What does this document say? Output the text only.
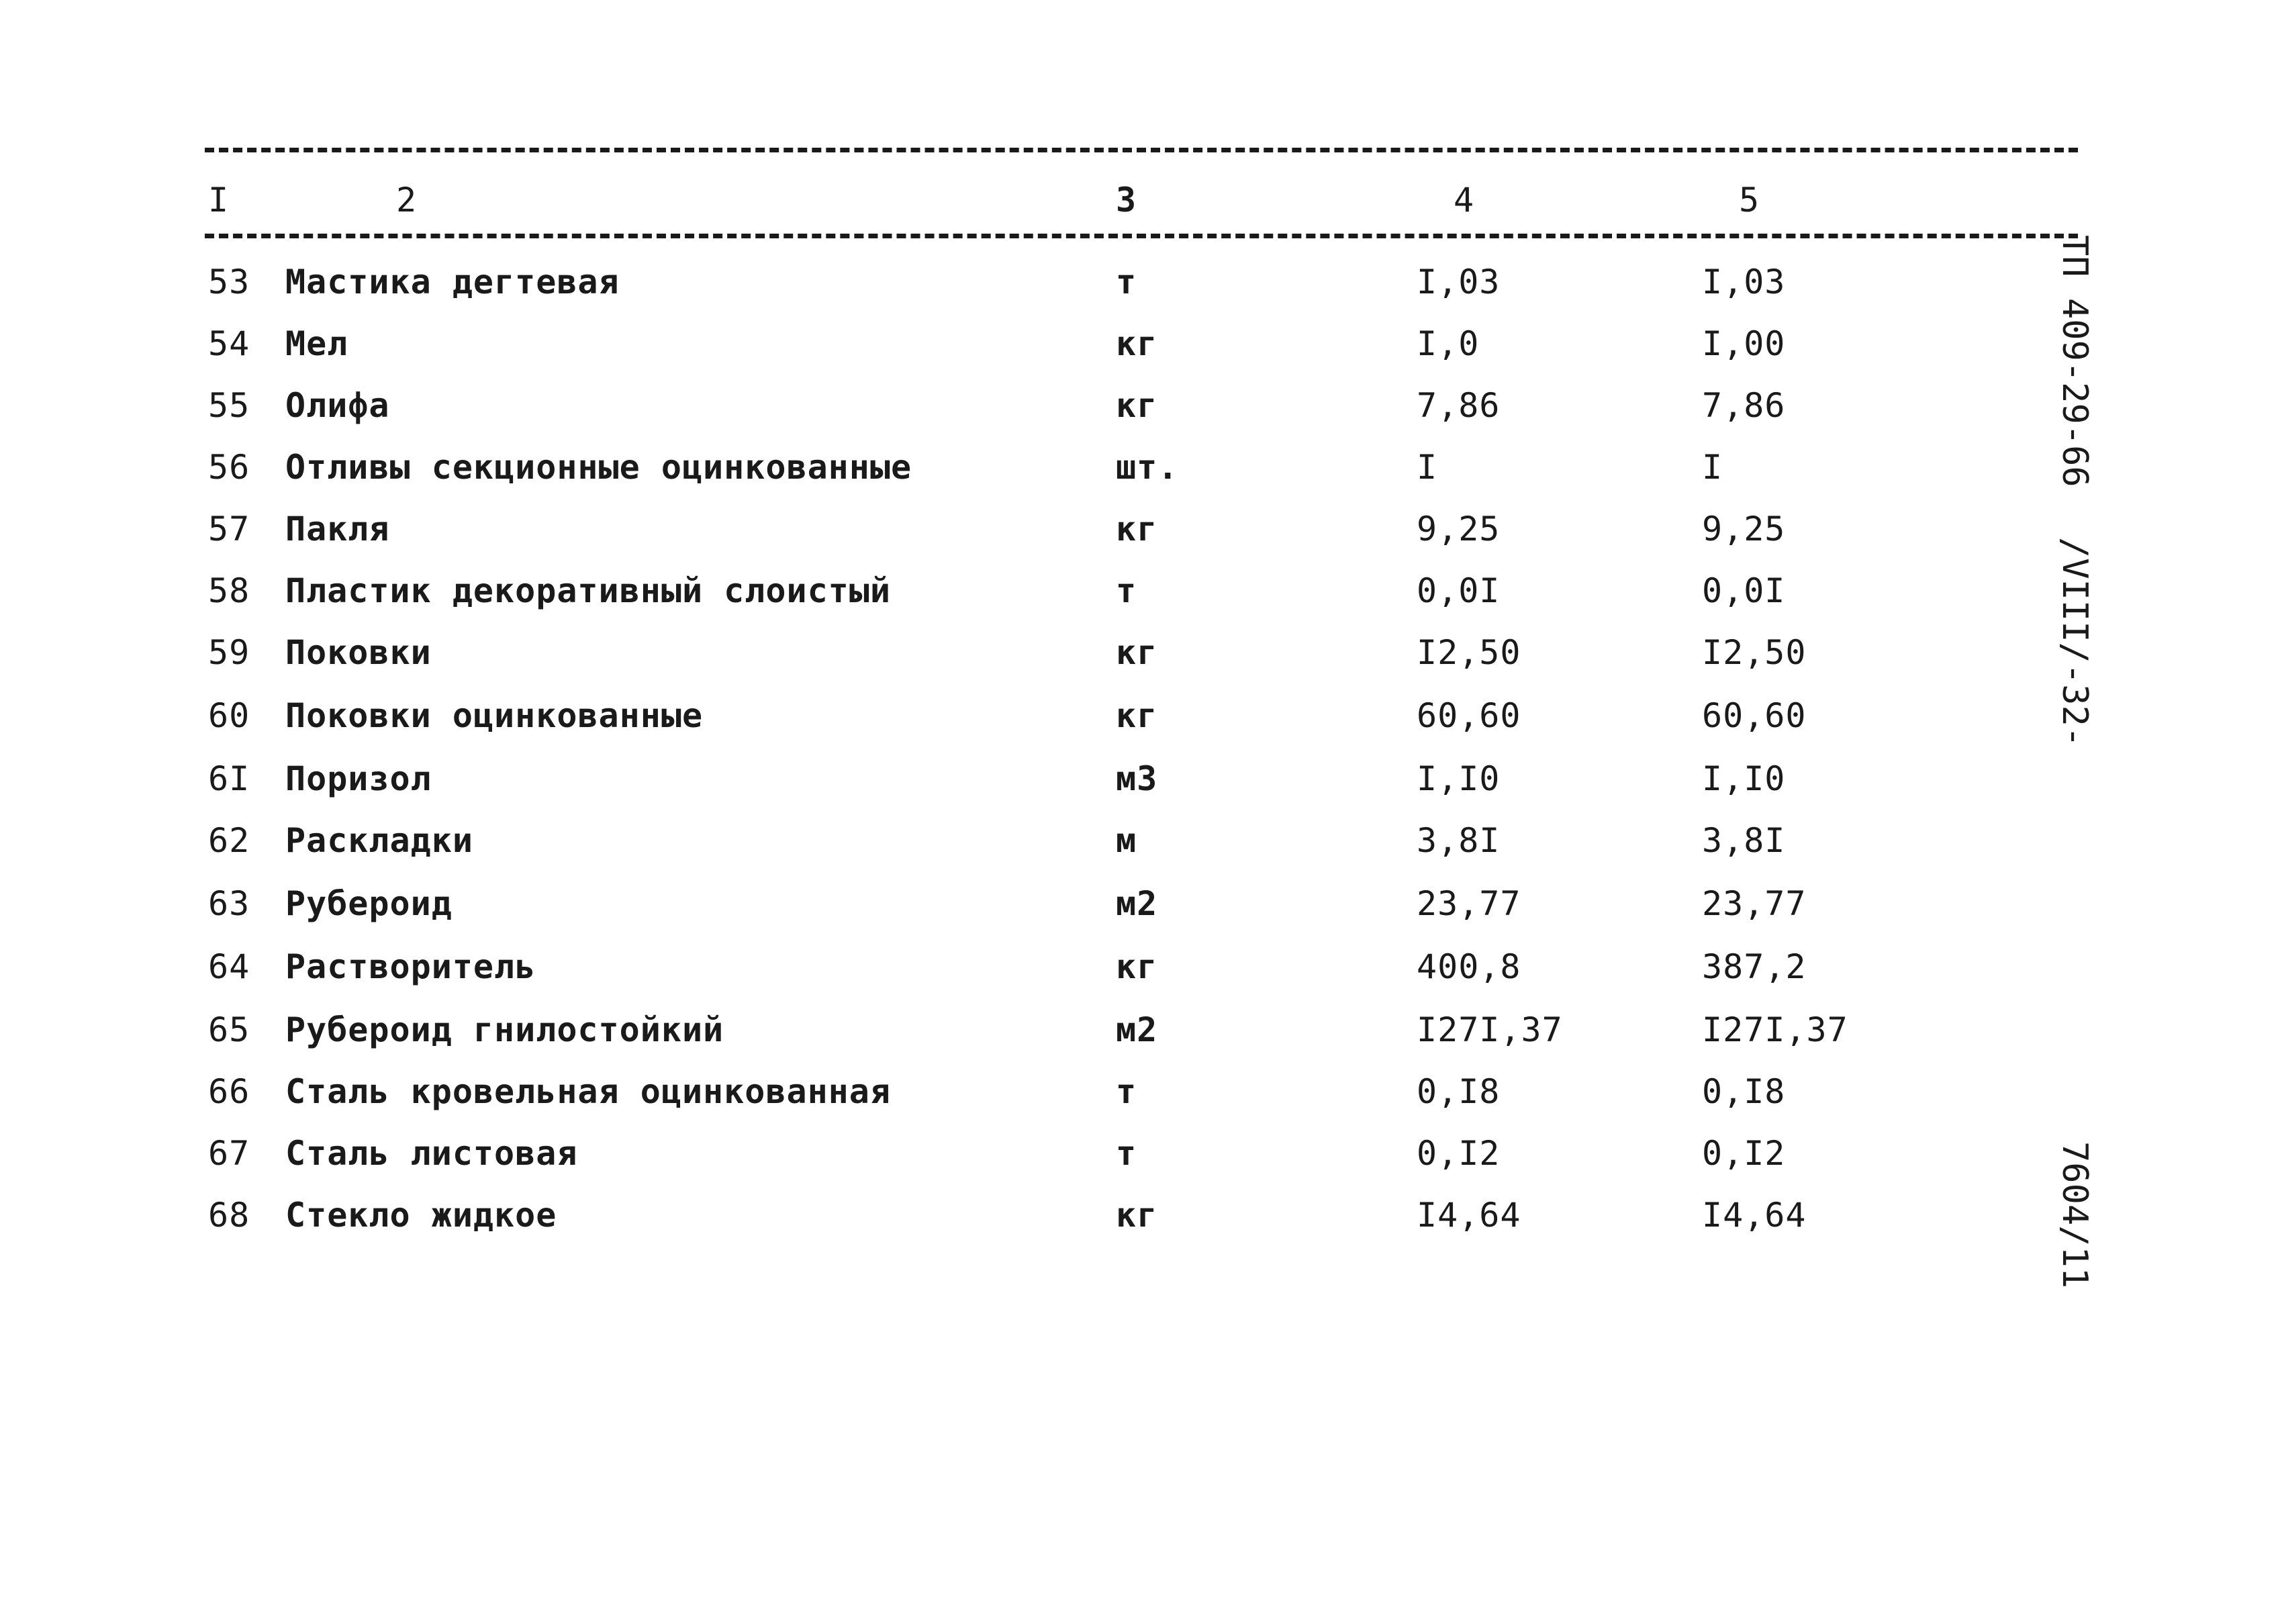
I	2	3	4	5
53 Мастика дегтевая	т	I,03	I,03
54 Мел	кг	I,0	I,00
55 Олифа	кг	7,86	7,86
56 Отливы секционные оцинкованные	шт.	I	I
57 Пакля	кг	9,25	9,25
58 Пластик декоративный слоистый	т	0,0I	0,0I
59 Поковки	кг	I2,50	I2,50
60 Поковки оцинкованные	кг	60,60	60,60
6I Поризол	м3	I,I0	I,I0
62 Раскладки	м	3,8I	3,8I
63 Рубероид	м2	23,77	23,77
64 Растворитель	кг	400,8	387,2
65 Рубероид гнилостойкий	м2	I27I,37	I27I,37
66 Сталь кровельная оцинкованная	т	0,I8	0,I8
67 Сталь листовая	т	0,I2	0,I2
68 Стекло жидкое	кг	I4,64	I4,64
ТП 409-29-66
/VIII/-32-
7604/11
